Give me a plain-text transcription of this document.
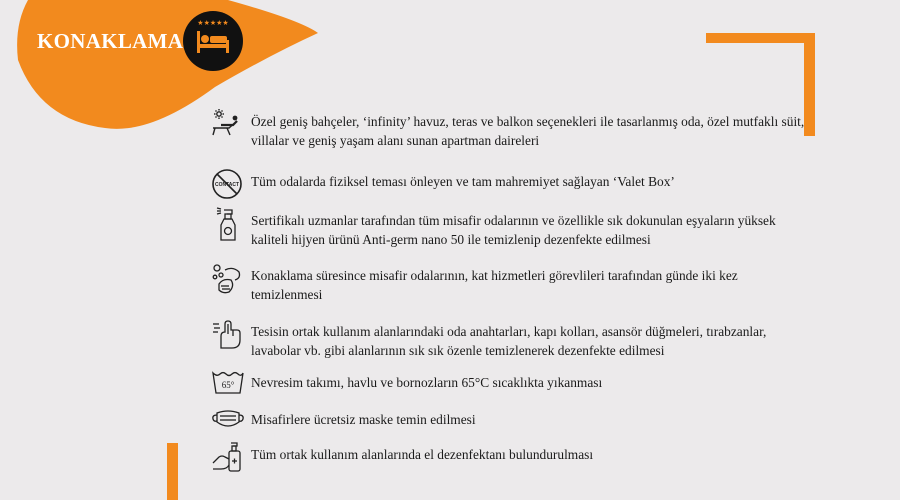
KONAKLAMA
★★★★★
Özel geniş bahçeler, ‘infinity’ havuz, teras ve balkon seçenekleri ile tasarlanmış oda, özel mutfaklı süit, villalar ve geniş yaşam alanı sunan apartman daireleri
CONTACT Tüm odalarda fiziksel teması önleyen ve tam mahremiyet sağlayan ‘Valet Box’
Sertifikalı uzmanlar tarafından tüm misafir odalarının ve özellikle sık dokunulan eşyaların yüksek kaliteli hijyen ürünü Anti-germ nano 50 ile temizlenip dezenfekte edilmesi
Konaklama süresince misafir odalarının, kat hizmetleri görevlileri tarafından günde iki kez temizlenmesi
Tesisin ortak kullanım alanlarındaki oda anahtarları, kapı kolları, asansör düğmeleri, tırabzanlar, lavabolar vb. gibi alanlarının sık sık özenle temizlenerek dezenfekte edilmesi
65° Nevresim takımı, havlu ve bornozların 65°C sıcaklıkta yıkanması
Misafirlere ücretsiz maske temin edilmesi
Tüm ortak kullanım alanlarında el dezenfektanı bulundurulması
